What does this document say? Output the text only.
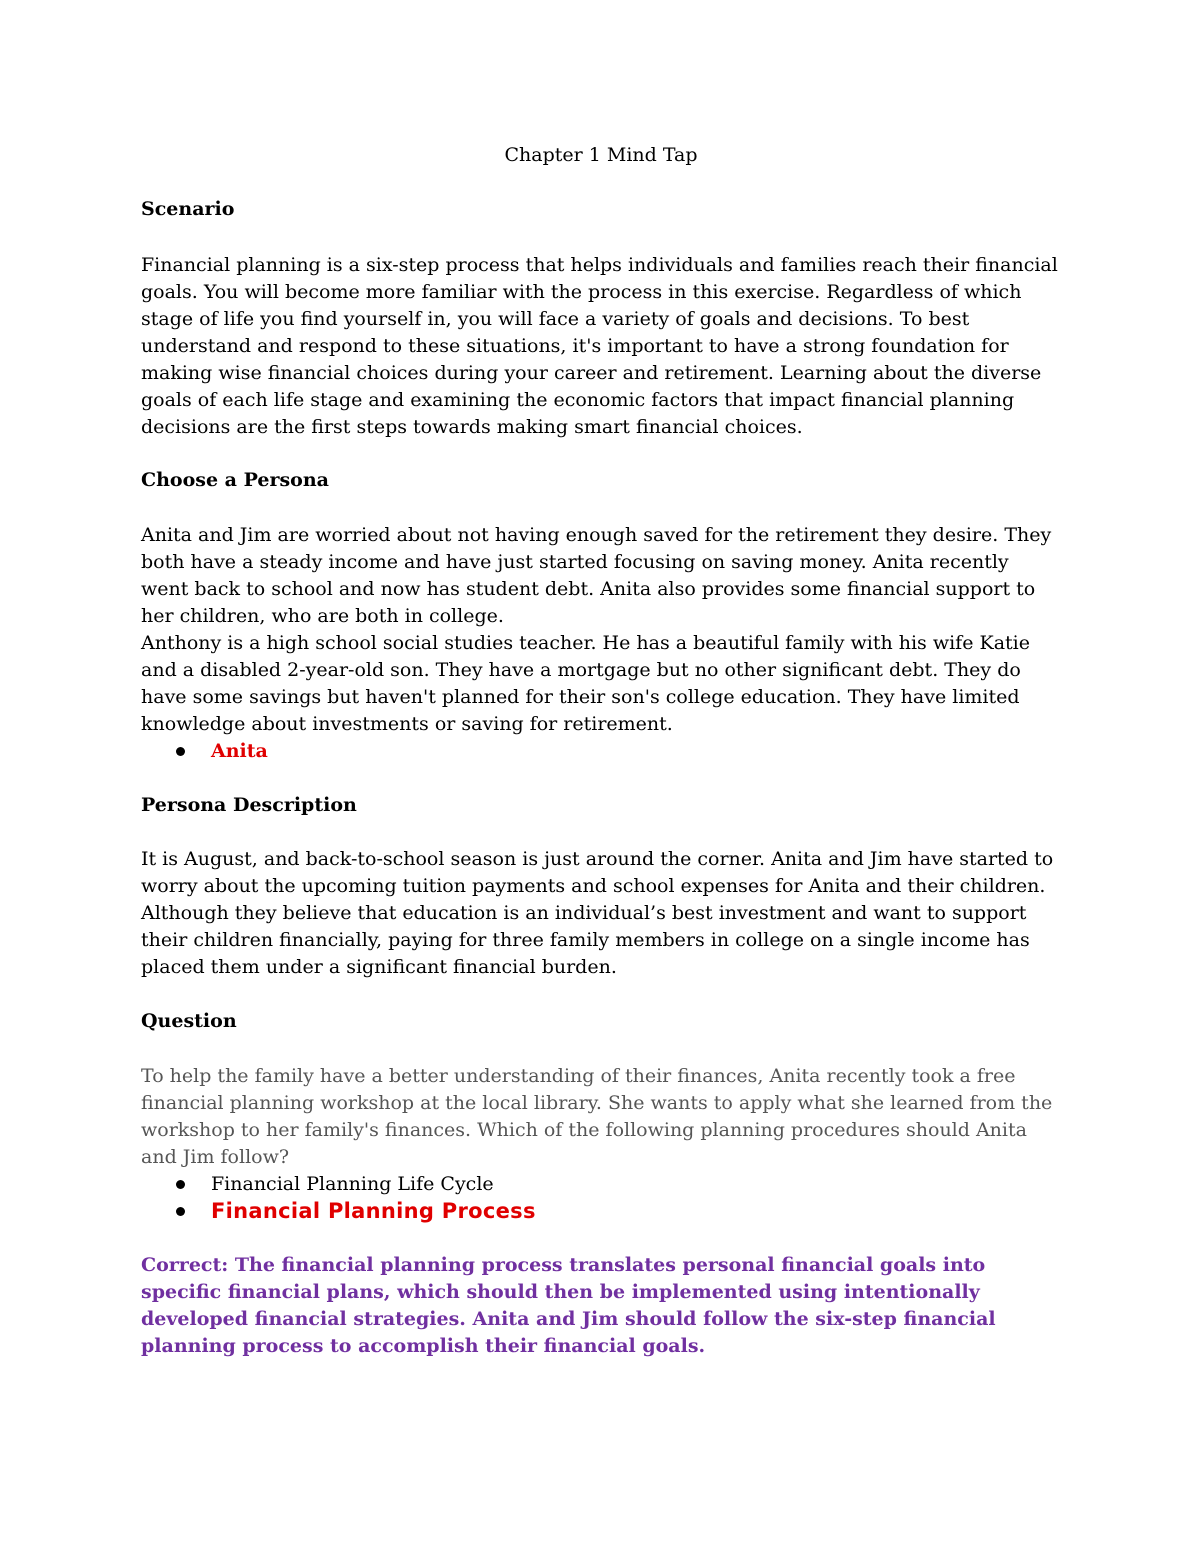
Chapter 1 Mind Tap
Scenario

Financial planning is a six-step process that helps individuals and families reach their financial goals. You will become more familiar with the process in this exercise. Regardless of which stage of life you find yourself in, you will face a variety of goals and decisions. To best understand and respond to these situations, it's important to have a strong foundation for making wise financial choices during your career and retirement. Learning about the diverse goals of each life stage and examining the economic factors that impact financial planning decisions are the first steps towards making smart financial choices.

Choose a Persona

Anita and Jim are worried about not having enough saved for the retirement they desire. They both have a steady income and have just started focusing on saving money. Anita recently went back to school and now has student debt. Anita also provides some financial support to her children, who are both in college.

Anthony is a high school social studies teacher. He has a beautiful family with his wife Katie and a disabled 2-year-old son. They have a mortgage but no other significant debt. They do have some savings but haven't planned for their son's college education. They have limited knowledge about investments or saving for retirement.

Anita
Persona Description

It is August, and back-to-school season is just around the corner. Anita and Jim have started to worry about the upcoming tuition payments and school expenses for Anita and their children. Although they believe that education is an individual’s best investment and want to support their children financially, paying for three family members in college on a single income has placed them under a significant financial burden.

Question

To help the family have a better understanding of their finances, Anita recently took a free financial planning workshop at the local library. She wants to apply what she learned from the workshop to her family's finances. Which of the following planning procedures should Anita and Jim follow?

Financial Planning Life Cycle
Financial Planning Process

Correct: The financial planning process translates personal financial goals into specific financial plans, which should then be implemented using intentionally developed financial strategies. Anita and Jim should follow the six-step financial planning process to accomplish their financial goals.
